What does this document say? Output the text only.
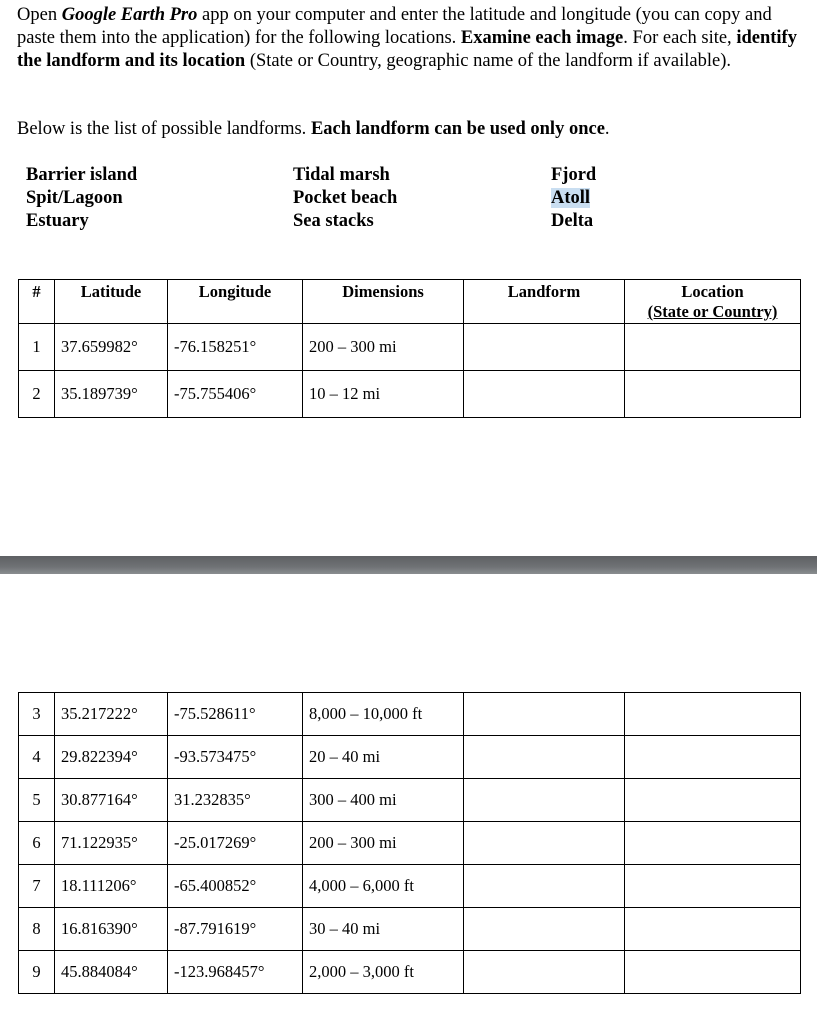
Open Google Earth Pro app on your computer and enter the latitude and longitude (you can copy and paste them into the application) for the following locations. Examine each image. For each site, identify the landform and its location (State or Country, geographic name of the landform if available).

Below is the list of possible landforms. Each landform can be used only once.

Barrier island
Spit/Lagoon
Estuary
Tidal marsh
Pocket beach
Sea stacks
Fjord
Atoll
Delta
#	Latitude	Longitude	Dimensions	Landform	Location
(State or Country)

1	37.659982°	-76.158251°	200 – 300 mi		
2	35.189739°	-75.755406°	10 – 12 mi		
3	35.217222°	-75.528611°	8,000 – 10,000 ft		
4	29.822394°	-93.573475°	20 – 40 mi		
5	30.877164°	31.232835°	300 – 400 mi		
6	71.122935°	-25.017269°	200 – 300 mi		
7	18.111206°	-65.400852°	4,000 – 6,000 ft		
8	16.816390°	-87.791619°	30 – 40 mi		
9	45.884084°	-123.968457°	2,000 – 3,000 ft		
